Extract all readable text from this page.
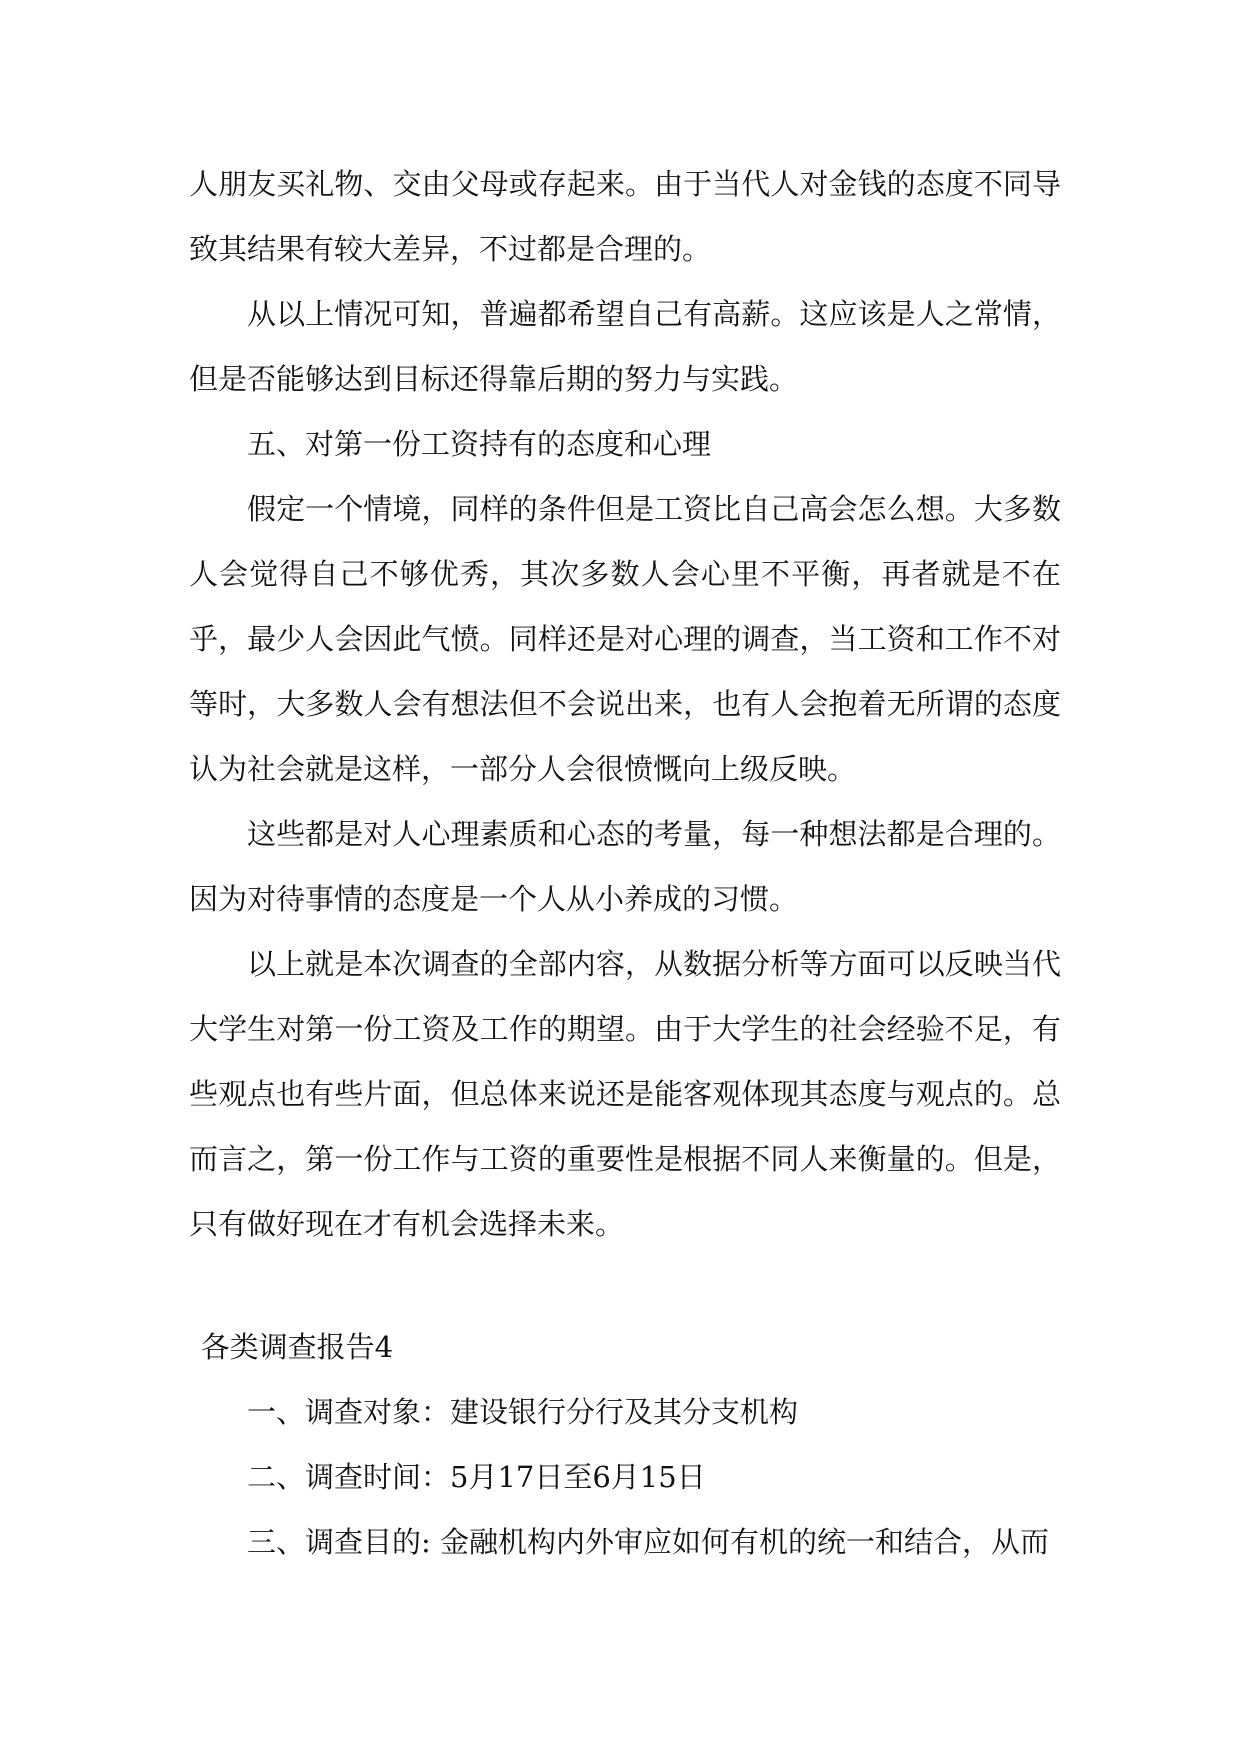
人朋友买礼物、交由父母或存起来。由于当代人对金钱的态度不同导致其结果有较大差异，不过都是合理的。

从以上情况可知，普遍都希望自己有高薪。这应该是人之常情，但是否能够达到目标还得靠后期的努力与实践。

五、对第一份工资持有的态度和心理

假定一个情境，同样的条件但是工资比自己高会怎么想。大多数人会觉得自己不够优秀，其次多数人会心里不平衡，再者就是不在乎，最少人会因此气愤。同样还是对心理的调查，当工资和工作不对等时，大多数人会有想法但不会说出来，也有人会抱着无所谓的态度认为社会就是这样，一部分人会很愤慨向上级反映。

这些都是对人心理素质和心态的考量，每一种想法都是合理的。因为对待事情的态度是一个人从小养成的习惯。

以上就是本次调查的全部内容，从数据分析等方面可以反映当代大学生对第一份工资及工作的期望。由于大学生的社会经验不足，有些观点也有些片面，但总体来说还是能客观体现其态度与观点的。总而言之，第一份工作与工资的重要性是根据不同人来衡量的。但是，只有做好现在才有机会选择未来。

各类调查报告4

一、调查对象：建设银行分行及其分支机构

二、调查时间：5月17日至6月15日

三、调查目的: 金融机构内外审应如何有机的统一和结合，从而
